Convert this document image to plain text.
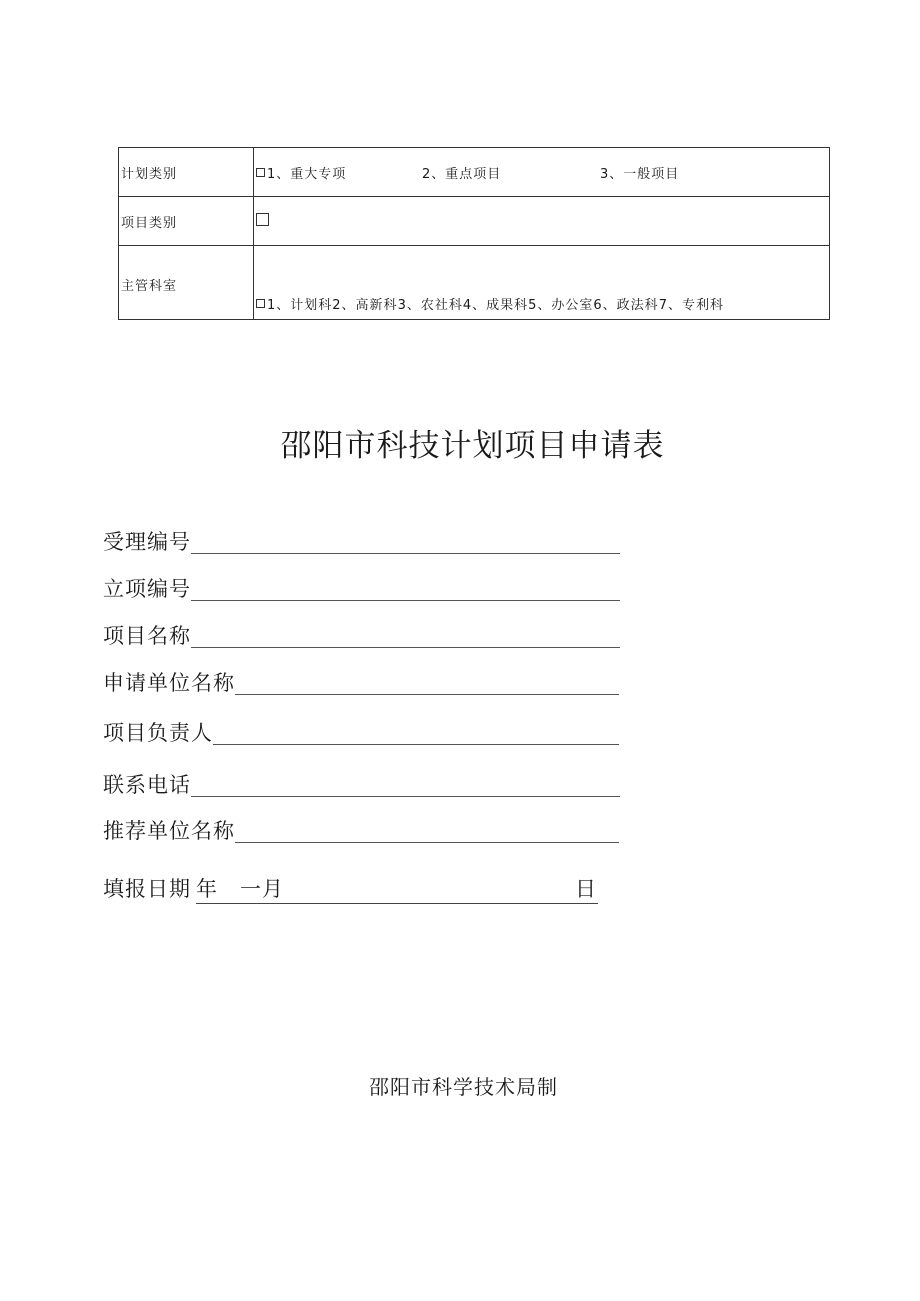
计划类别	1、重大专项 2、重点项目 3、一般项目
项目类别	
主管科室	1、计划科2、高新科3、农社科4、成果科5、办公室6、政法科7、专利科
邵阳市科技计划项目申请表
受理编号
立项编号
项目名称
申请单位名称
项目负责人
联系电话
推荐单位名称
填报日期 年 一月	日
邵阳市科学技术局制
